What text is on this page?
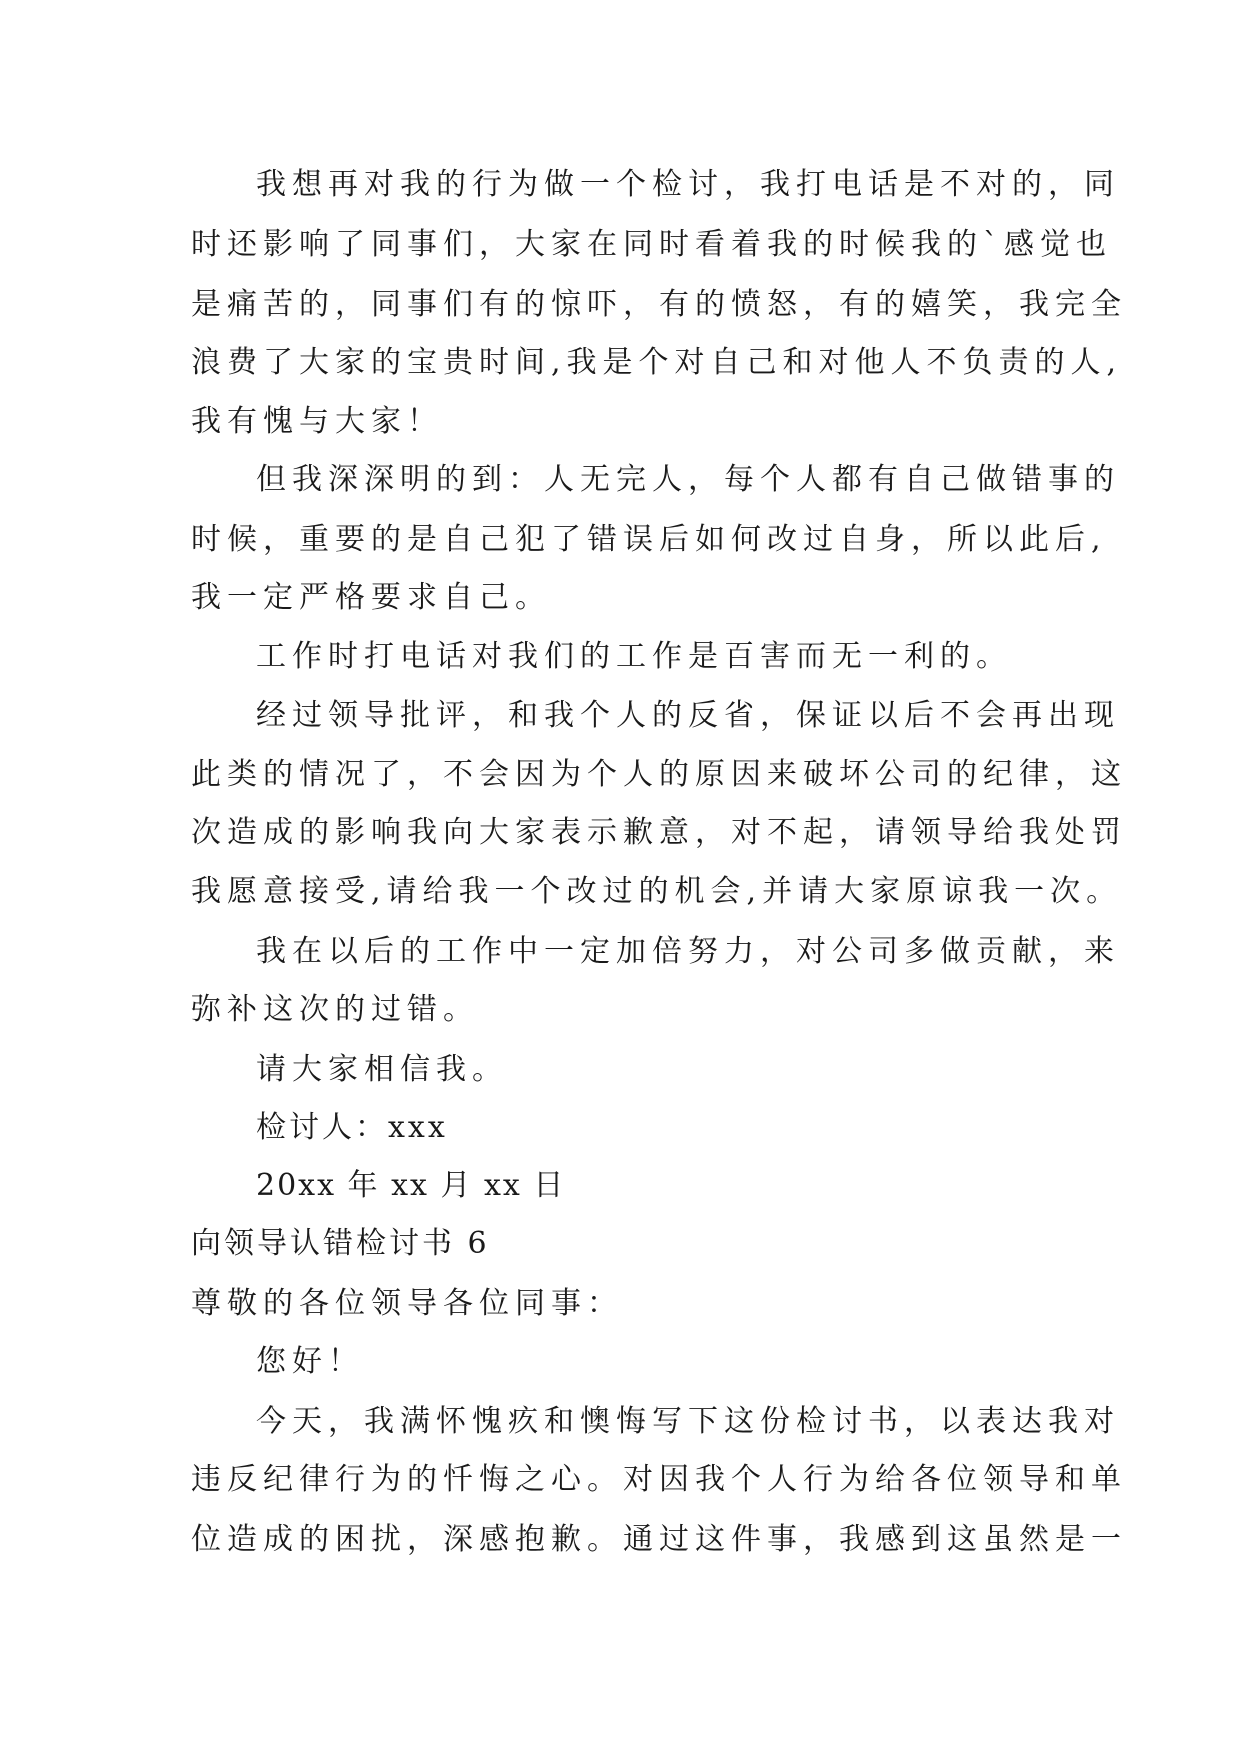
我想再对我的行为做一个检讨，我打电话是不对的，同
时还影响了同事们，大家在同时看着我的时候我的`感觉也
是痛苦的，同事们有的惊吓，有的愤怒，有的嬉笑，我完全
浪费了大家的宝贵时间,我是个对自己和对他人不负责的人,
我有愧与大家！
但我深深明的到：人无完人，每个人都有自己做错事的
时候，重要的是自己犯了错误后如何改过自身，所以此后,
我一定严格要求自己。
工作时打电话对我们的工作是百害而无一利的。
经过领导批评，和我个人的反省，保证以后不会再出现
此类的情况了，不会因为个人的原因来破坏公司的纪律，这
次造成的影响我向大家表示歉意，对不起，请领导给我处罚
我愿意接受,请给我一个改过的机会,并请大家原谅我一次。
我在以后的工作中一定加倍努力，对公司多做贡献，来
弥补这次的过错。
请大家相信我。
检讨人：xxx
20xx 年 xx 月 xx 日
向领导认错检讨书 6
尊敬的各位领导各位同事：
您好！
今天，我满怀愧疚和懊悔写下这份检讨书，以表达我对
违反纪律行为的忏悔之心。对因我个人行为给各位领导和单
位造成的困扰，深感抱歉。通过这件事，我感到这虽然是一
